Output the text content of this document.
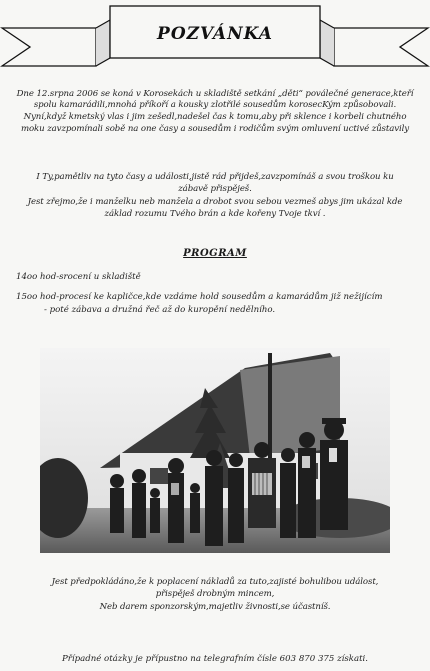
POZVÁNKA
Dne 12.srpna 2006 se koná v Korosekách u skladiště setkání „děti“ poválečné generace,kteří
spolu kamarádili,mnohá příkoří a kousky zlotřilé sousedům korosecKým způsobovali.
Nyní,když kmetský vlas i jim zešedl,nadešel čas k tomu,aby při sklence i korbeli chutného
moku zavzpomínali sobě na one časy a sousedům i rodičům svým omluvení uctivé zůstavily
I Ty,pamětliv na tyto časy a události,jistě rád přijdeš,zavzpomínáš a svou troškou ku
zábavě přispěješ.
Jest zřejmo,že i manželku neb manžela a drobot svou sebou vezmeš abys jim ukázal kde
základ rozumu Tvého brán a kde kořeny Tvoje tkví .
PROGRAM
14oo hod-srocení u skladiště
15oo hod-procesí ke kapličce,kde vzdáme hold sousedům a kamarádům již nežijícím
- poté zábava a družná řeč až do kuropění nedělního.
Jest předpokládáno,že k poplacení nákladů za tuto,zajisté bohulibou událost,
přispěješ drobným mincem,
Neb darem sponzorským,majetliv živnosti,se účastníš.
Případné otázky je přípustno na telegrafním čísle 603 870 375 získati.
